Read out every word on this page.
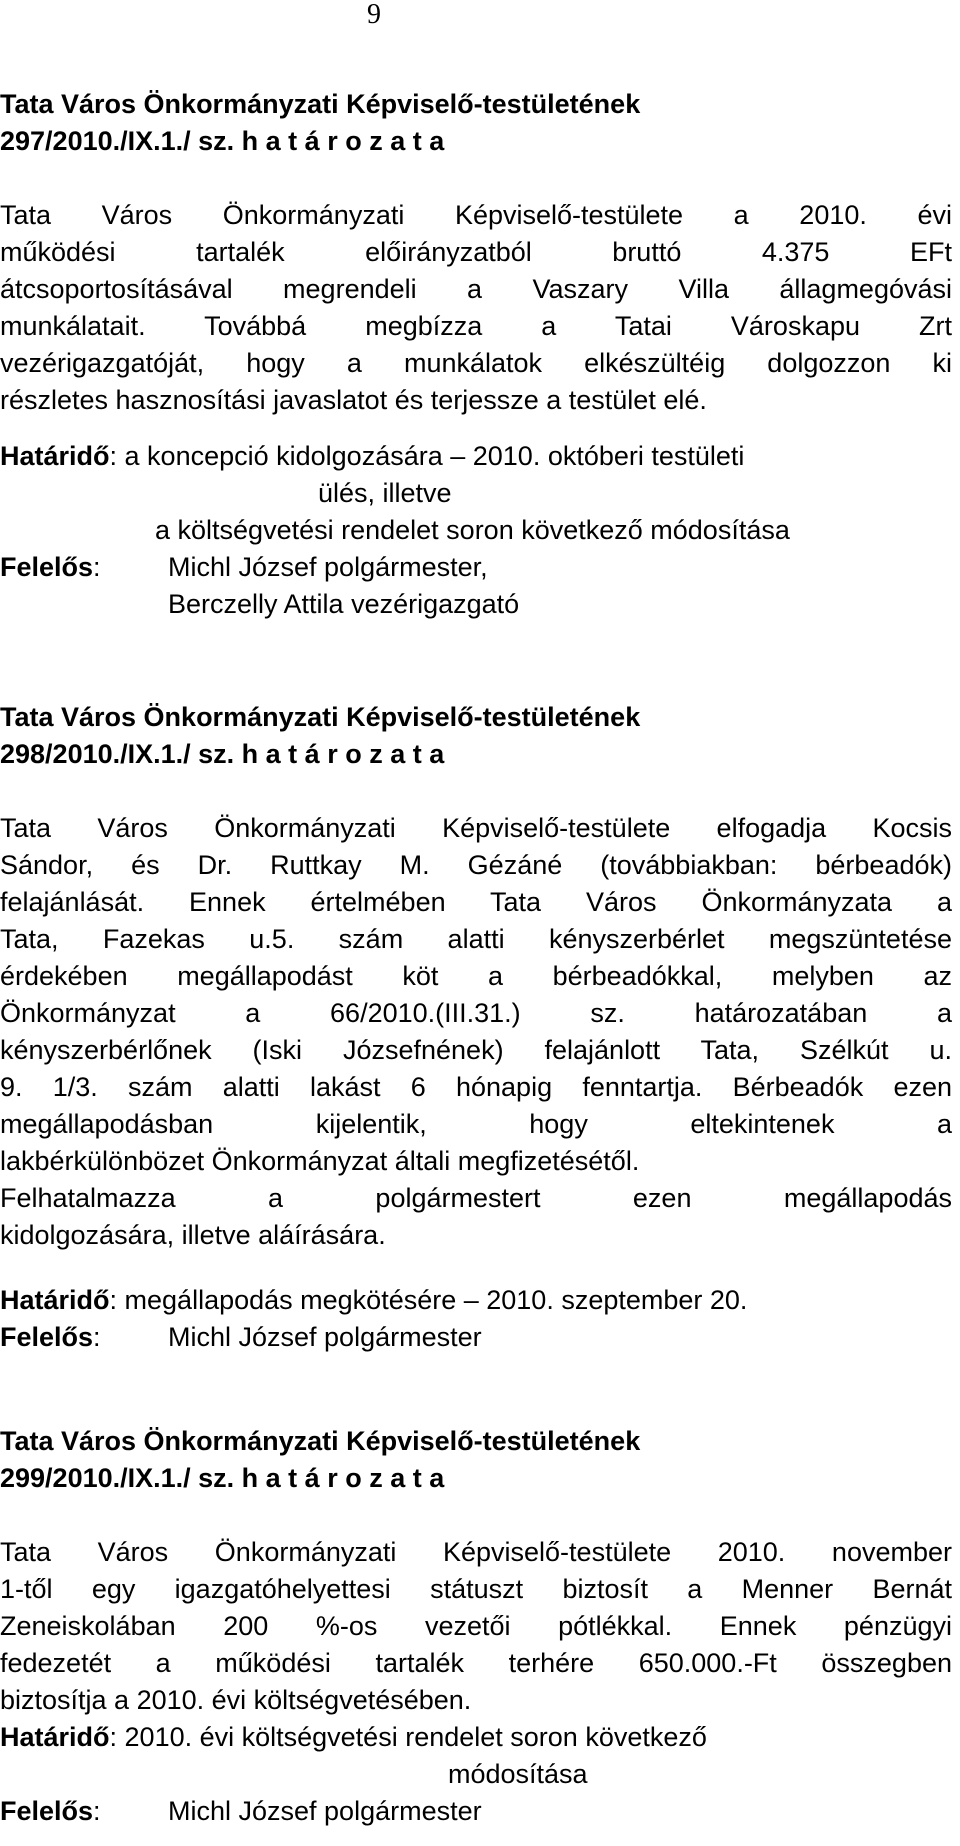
9
Tata Város Önkormányzati Képviselő-testületének
297/2010./IX.1./ sz. h a t á r o z a t a
Tata Város Önkormányzati Képviselő-testülete a 2010. évi
működési tartalék előirányzatból bruttó 4.375 EFt
átcsoportosításával megrendeli a Vaszary Villa állagmegóvási
munkálatait. Továbbá megbízza a Tatai Városkapu Zrt
vezérigazgatóját, hogy a munkálatok elkészültéig dolgozzon ki
részletes hasznosítási javaslatot és terjessze a testület elé.
Határidő: a koncepció kidolgozására – 2010. októberi testületi
ülés, illetve
a költségvetési rendelet soron következő módosítása
Felelős: Michl József polgármester,
Berczelly Attila vezérigazgató
Tata Város Önkormányzati Képviselő-testületének
298/2010./IX.1./ sz. h a t á r o z a t a
Tata Város Önkormányzati Képviselő-testülete elfogadja Kocsis
Sándor, és Dr. Ruttkay M. Gézáné (továbbiakban: bérbeadók)
felajánlását. Ennek értelmében Tata Város Önkormányzata a
Tata, Fazekas u.5. szám alatti kényszerbérlet megszüntetése
érdekében megállapodást köt a bérbeadókkal, melyben az
Önkormányzat a 66/2010.(III.31.) sz. határozatában a
kényszerbérlőnek (Iski Józsefnének) felajánlott Tata, Szélkút u.
9. 1/3. szám alatti lakást 6 hónapig fenntartja. Bérbeadók ezen
megállapodásban kijelentik, hogy eltekintenek a
lakbérkülönbözet Önkormányzat általi megfizetésétől.
Felhatalmazza a polgármestert ezen megállapodás
kidolgozására, illetve aláírására.
Határidő: megállapodás megkötésére – 2010. szeptember 20.
Felelős: Michl József polgármester
Tata Város Önkormányzati Képviselő-testületének
299/2010./IX.1./ sz. h a t á r o z a t a
Tata Város Önkormányzati Képviselő-testülete 2010. november
1-től egy igazgatóhelyettesi státuszt biztosít a Menner Bernát
Zeneiskolában 200 %-os vezetői pótlékkal. Ennek pénzügyi
fedezetét a működési tartalék terhére 650.000.-Ft összegben
biztosítja a 2010. évi költségvetésében.
Határidő: 2010. évi költségvetési rendelet soron következő
módosítása
Felelős: Michl József polgármester
